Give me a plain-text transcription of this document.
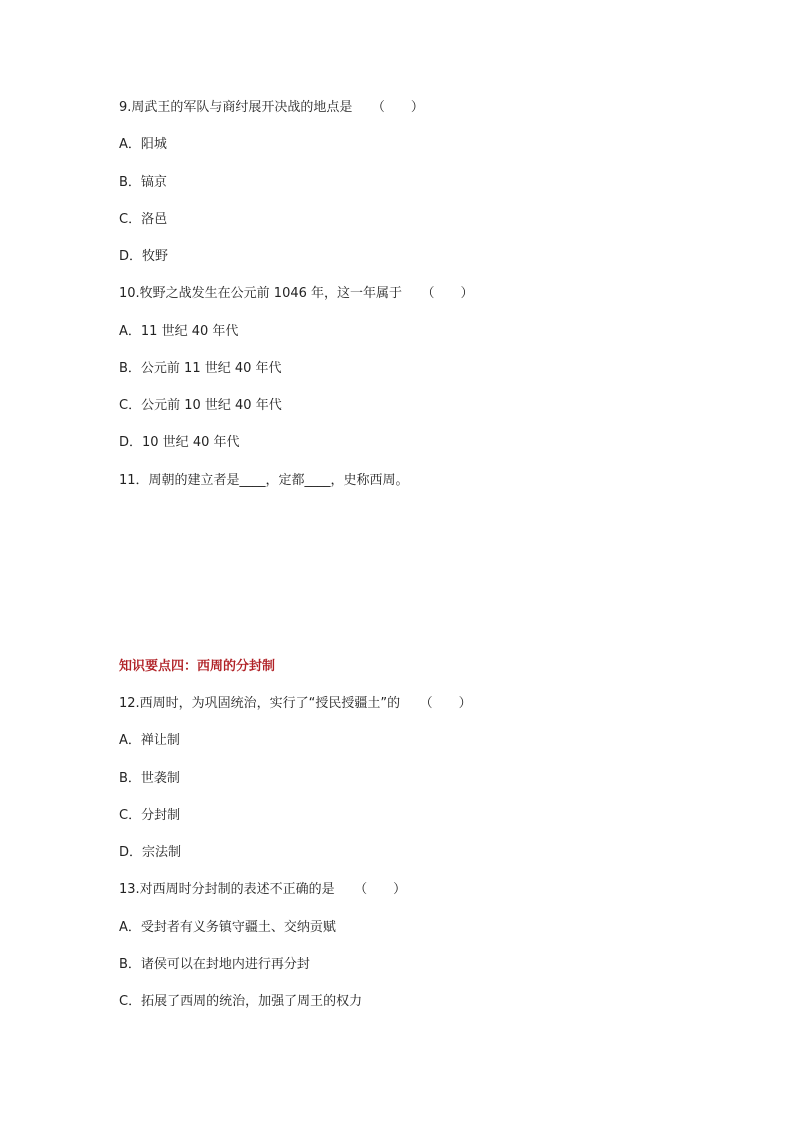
9.周武王的军队与商纣展开决战的地点是　　（　　）
A．阳城
B．镐京
C．洛邑
D．牧野
10.牧野之战发生在公元前 1046 年，这一年属于　　（　　）
A．11 世纪 40 年代
B．公元前 11 世纪 40 年代
C．公元前 10 世纪 40 年代
D．10 世纪 40 年代
11．周朝的建立者是____，定都____，史称西周。
知识要点四：西周的分封制
12.西周时，为巩固统治，实行了“授民授疆土”的　　（　　）
A．禅让制
B．世袭制
C．分封制
D．宗法制
13.对西周时分封制的表述不正确的是　　（　　）
A．受封者有义务镇守疆土、交纳贡赋
B．诸侯可以在封地内进行再分封
C．拓展了西周的统治，加强了周王的权力
